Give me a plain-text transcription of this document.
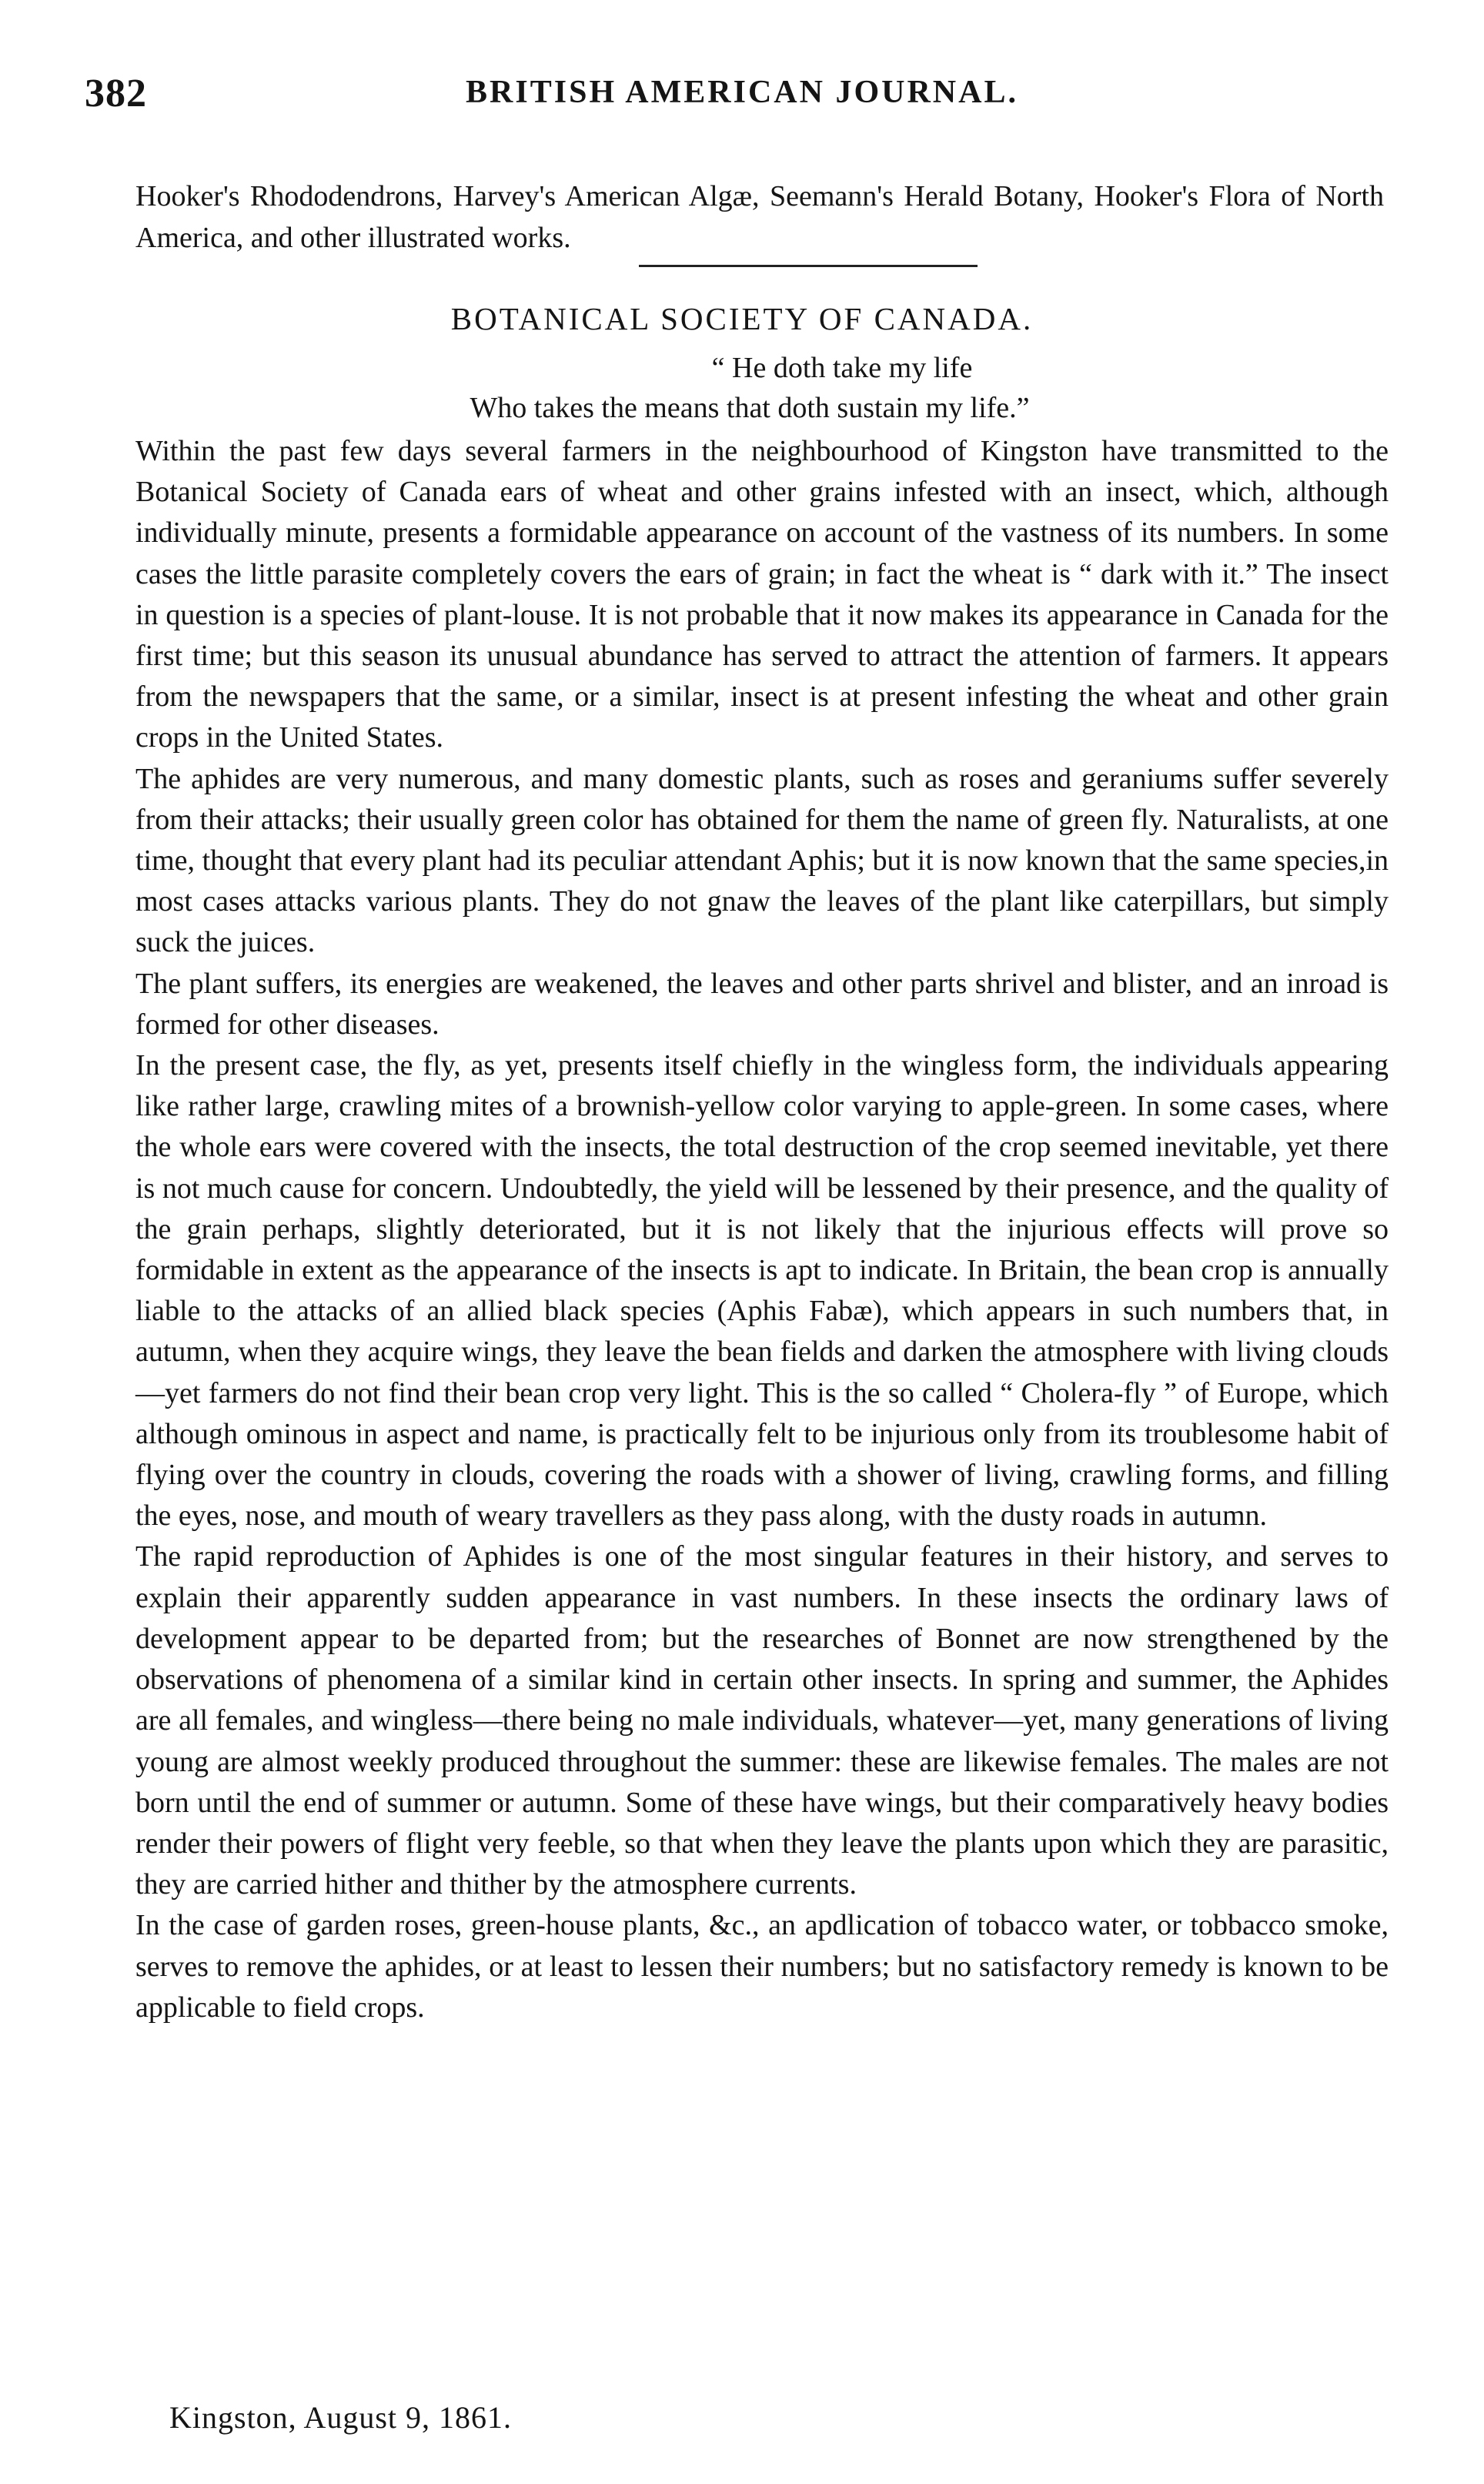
382	BRITISH AMERICAN JOURNAL.

Hooker's Rhododendrons, Harvey's American Algæ, Seemann's Herald Botany, Hooker's Flora of North America, and other illustrated works.

BOTANICAL SOCIETY OF CANADA.
“ He doth take my life
Who takes the means that doth sustain my life.”

Within the past few days several farmers in the neighbourhood of Kingston have transmitted to the Botanical Society of Canada ears of wheat and other grains infested with an insect, which, although individually minute, presents a formidable appearance on account of the vastness of its numbers. In some cases the little parasite completely covers the ears of grain; in fact the wheat is “ dark with it.” The insect in question is a species of plant-louse. It is not probable that it now makes its appearance in Canada for the first time; but this season its unusual abundance has served to attract the attention of farmers. It appears from the newspapers that the same, or a similar, insect is at present infesting the wheat and other grain crops in the United States.

The aphides are very numerous, and many domestic plants, such as roses and geraniums suffer severely from their attacks; their usually green color has obtained for them the name of green fly. Naturalists, at one time, thought that every plant had its peculiar attendant Aphis; but it is now known that the same species,in most cases attacks various plants. They do not gnaw the leaves of the plant like caterpillars, but simply suck the juices.

The plant suffers, its energies are weakened, the leaves and other parts shrivel and blister, and an inroad is formed for other diseases.

In the present case, the fly, as yet, presents itself chiefly in the wingless form, the individuals appearing like rather large, crawling mites of a brownish-yellow color varying to apple-green. In some cases, where the whole ears were covered with the insects, the total destruction of the crop seemed inevitable, yet there is not much cause for concern. Undoubtedly, the yield will be lessened by their presence, and the quality of the grain perhaps, slightly deteriorated, but it is not likely that the injurious effects will prove so formidable in extent as the appearance of the insects is apt to indicate. In Britain, the bean crop is annually liable to the attacks of an allied black species (Aphis Fabæ), which appears in such numbers that, in autumn, when they acquire wings, they leave the bean fields and darken the atmosphere with living clouds—yet farmers do not find their bean crop very light. This is the so called “ Cholera-fly ” of Europe, which although ominous in aspect and name, is practically felt to be injurious only from its troublesome habit of flying over the country in clouds, covering the roads with a shower of living, crawling forms, and filling the eyes, nose, and mouth of weary travellers as they pass along, with the dusty roads in autumn.

The rapid reproduction of Aphides is one of the most singular features in their history, and serves to explain their apparently sudden appearance in vast numbers. In these insects the ordinary laws of development appear to be departed from; but the researches of Bonnet are now strengthened by the observations of phenomena of a similar kind in certain other insects. In spring and summer, the Aphides are all females, and wingless—there being no male individuals, whatever—yet, many generations of living young are almost weekly produced throughout the summer: these are likewise females. The males are not born until the end of summer or autumn. Some of these have wings, but their comparatively heavy bodies render their powers of flight very feeble, so that when they leave the plants upon which they are parasitic, they are carried hither and thither by the atmosphere currents.

In the case of garden roses, green-house plants, &c., an apdlication of tobacco water, or tobbacco smoke, serves to remove the aphides, or at least to lessen their numbers; but no satisfactory remedy is known to be applicable to field crops.

Kingston, August 9, 1861.
